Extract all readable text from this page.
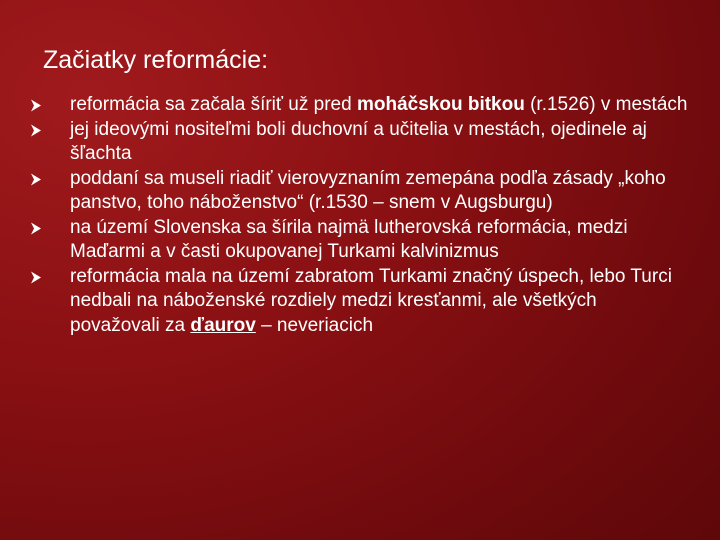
Začiatky reformácie:
reformácia sa začala šíriť už pred moháčskou bitkou (r.1526) v mestách
jej ideovými nositeľmi boli duchovní a učitelia v mestách, ojedinele aj šľachta
poddaní sa museli riadiť vierovyznaním zemepána podľa zásady „koho panstvo, toho náboženstvo“ (r.1530 – snem v Augsburgu)
na území Slovenska sa šírila najmä lutherovská reformácia, medzi Maďarmi a v časti okupovanej Turkami kalvinizmus
reformácia mala na území zabratom Turkami značný úspech, lebo Turci nedbali na náboženské rozdiely medzi kresťanmi, ale všetkých považovali za ďaurov – neveriacich
